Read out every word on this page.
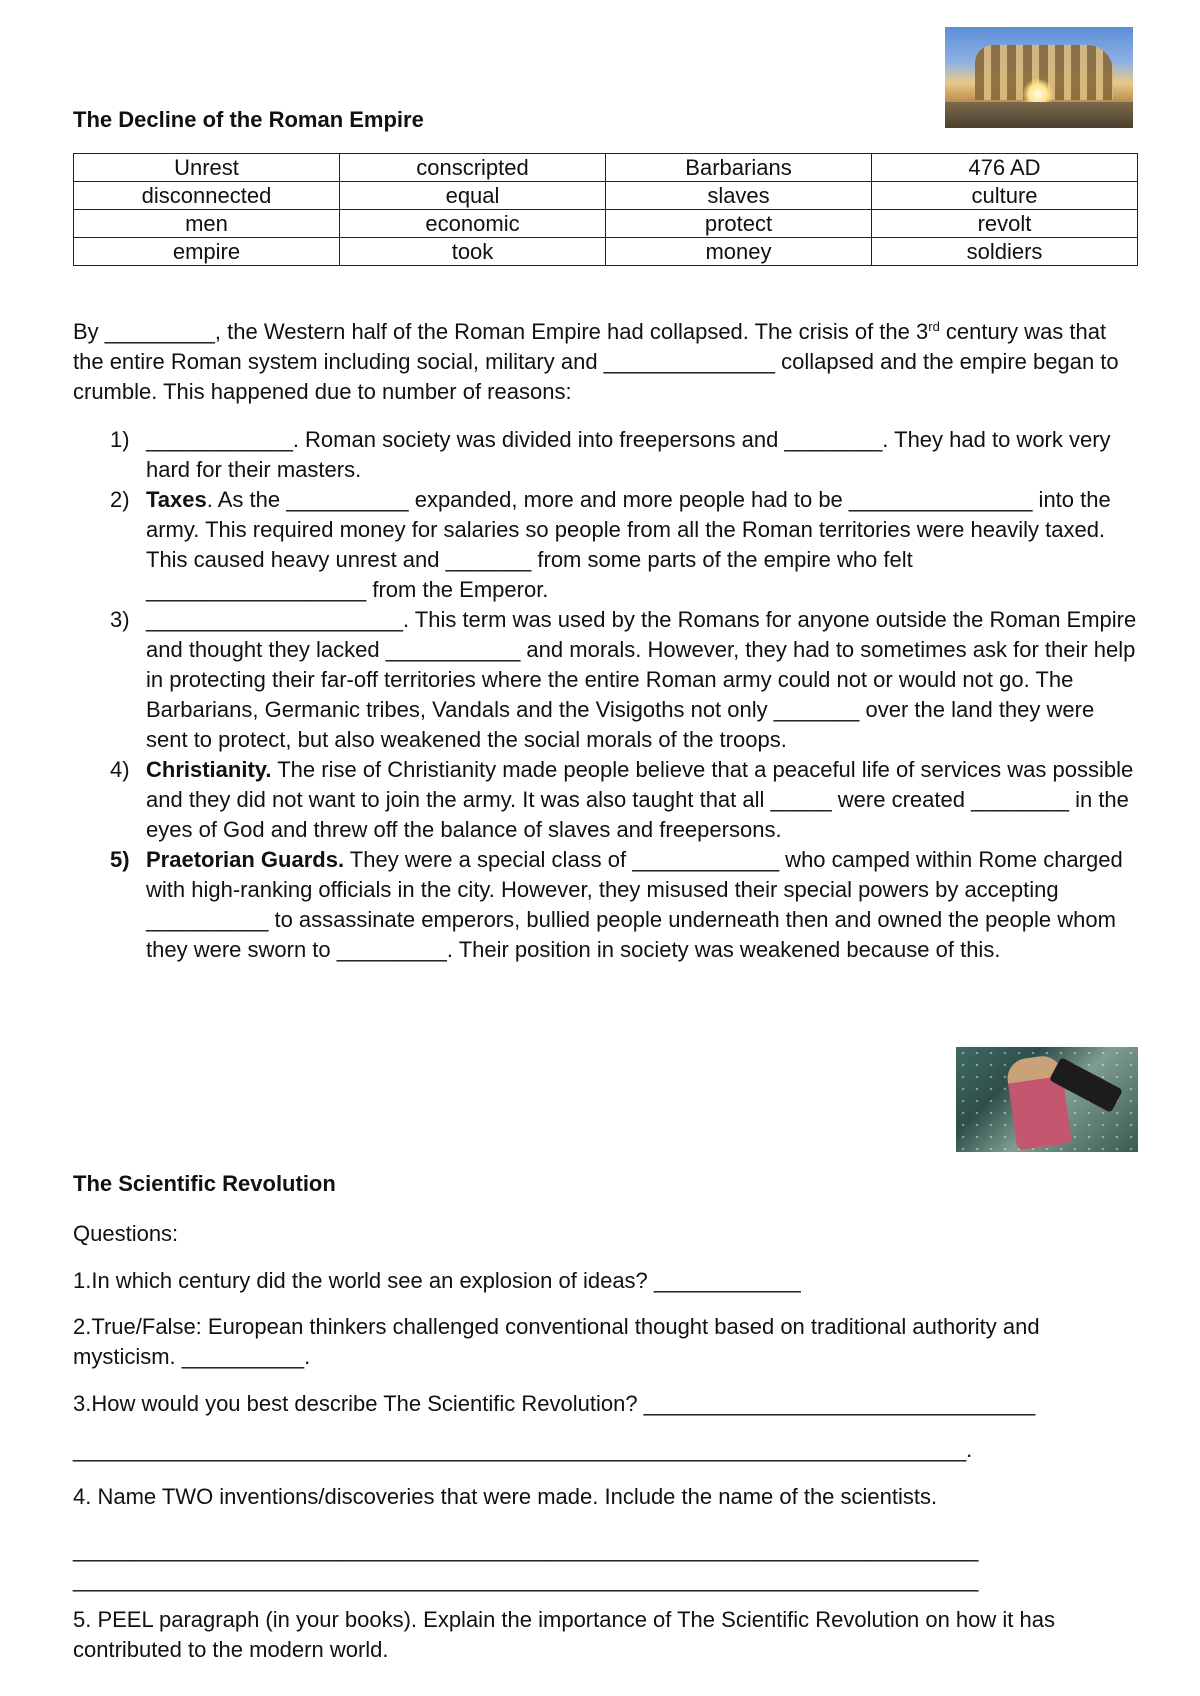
The Decline of the Roman Empire
Unrest	conscripted	Barbarians	476 AD
disconnected	equal	slaves	culture
men	economic	protect	revolt
empire	took	money	soldiers

By _________, the Western half of the Roman Empire had collapsed. The crisis of the 3rd century was that the entire Roman system including social, military and ______________ collapsed and the empire began to crumble. This happened due to number of reasons:

1) ____________. Roman society was divided into freepersons and ________. They had to work very hard for their masters.
2) Taxes. As the __________ expanded, more and more people had to be _______________ into the army. This required money for salaries so people from all the Roman territories were heavily taxed. This caused heavy unrest and _______ from some parts of the empire who felt __________________ from the Emperor.
3) _____________________. This term was used by the Romans for anyone outside the Roman Empire and thought they lacked ___________ and morals. However, they had to sometimes ask for their help in protecting their far-off territories where the entire Roman army could not or would not go. The Barbarians, Germanic tribes, Vandals and the Visigoths not only _______ over the land they were sent to protect, but also weakened the social morals of the troops.
4) Christianity. The rise of Christianity made people believe that a peaceful life of services was possible and they did not want to join the army. It was also taught that all _____ were created ________ in the eyes of God and threw off the balance of slaves and freepersons.
5) Praetorian Guards. They were a special class of ____________ who camped within Rome charged with high-ranking officials in the city. However, they misused their special powers by accepting __________ to assassinate emperors, bullied people underneath then and owned the people whom they were sworn to _________. Their position in society was weakened because of this.
The Scientific Revolution

Questions:

1.In which century did the world see an explosion of ideas? ____________

2.True/False: European thinkers challenged conventional thought based on traditional authority and mysticism. __________.

3.How would you best describe The Scientific Revolution? ________________________________

_________________________________________________________________________.

4. Name TWO inventions/discoveries that were made. Include the name of the scientists.

__________________________________________________________________________

__________________________________________________________________________

5. PEEL paragraph (in your books). Explain the importance of The Scientific Revolution on how it has contributed to the modern world.
